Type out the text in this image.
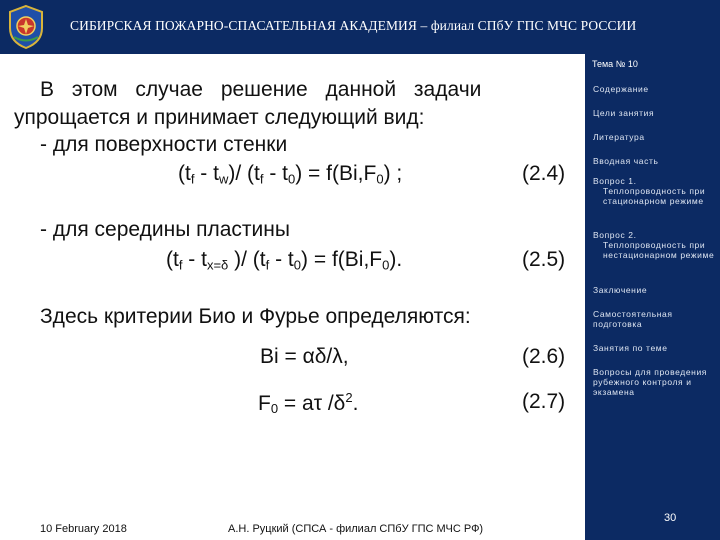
СИБИРСКАЯ ПОЖАРНО-СПАСАТЕЛЬНАЯ АКАДЕМИЯ – филиал СПбУ ГПС МЧС РОССИИ
Тема № 10
Содержание
Цели занятия
Литература
Вводная часть
Вопрос 1.
Теплопроводность при стационарном режиме
Вопрос 2.
Теплопроводность при нестационарном режиме
Заключение
Самостоятельная подготовка
Занятия по теме
Вопросы для проведения рубежного контроля и экзамена
30
В этом случае решение данной задачи
упрощается и принимает следующий вид:
- для поверхности стенки
$(t_f - t_w)/$ $(t_f - t_0) = f(Bi,F_0)$ ;	(2.4)
- для середины пластины
($t_f - t_{x=\delta}$ )/ $(t_f - t_0) = f(Bi,F_0)$.	(2.5)
Здесь критерии Био и Фурье определяются:
Bi = αδ/λ,	(2.6)
$F_0 = a\tau$ $/\delta^2$.	(2.7)
10 February 2018	А.Н. Руцкий (СПСА - филиал СПбУ ГПС МЧС РФ)
